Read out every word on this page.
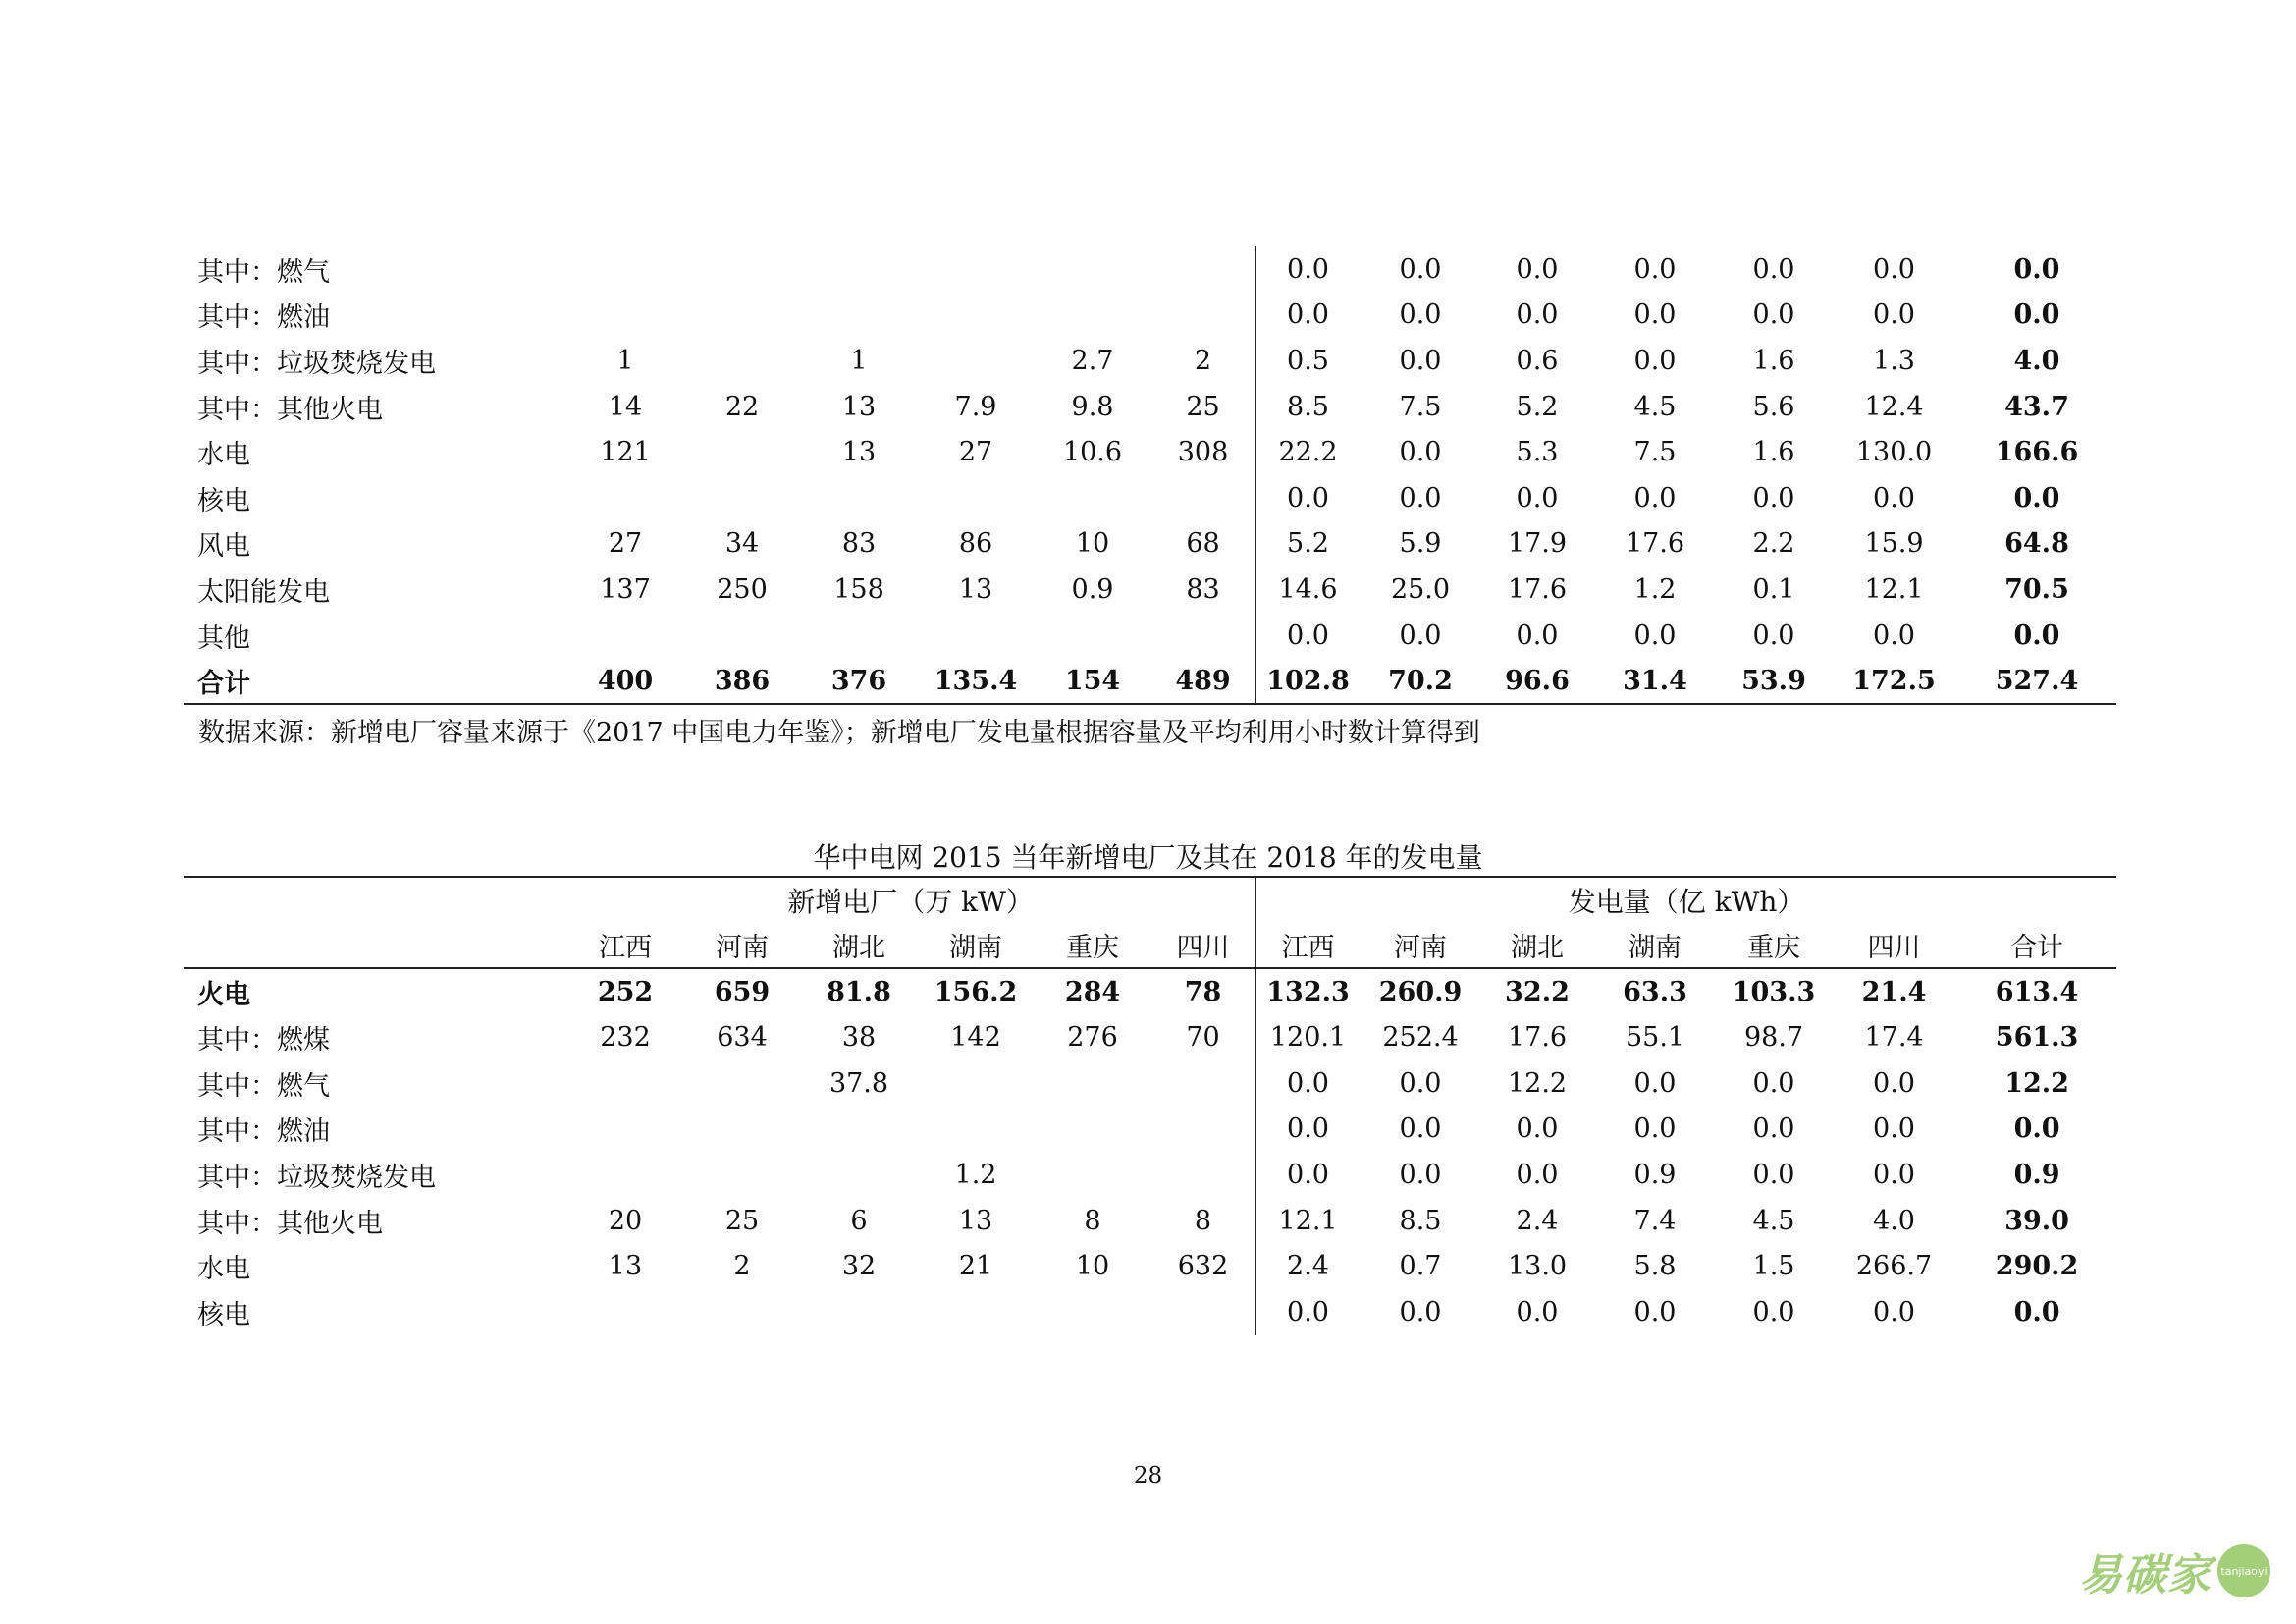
其中：燃气							0.0	0.0	0.0	0.0	0.0	0.0	0.0
其中：燃油							0.0	0.0	0.0	0.0	0.0	0.0	0.0
其中：垃圾焚烧发电	1		1		2.7	2	0.5	0.0	0.6	0.0	1.6	1.3	4.0
其中：其他火电	14	22	13	7.9	9.8	25	8.5	7.5	5.2	4.5	5.6	12.4	43.7
水电	121		13	27	10.6	308	22.2	0.0	5.3	7.5	1.6	130.0	166.6
核电							0.0	0.0	0.0	0.0	0.0	0.0	0.0
风电	27	34	83	86	10	68	5.2	5.9	17.9	17.6	2.2	15.9	64.8
太阳能发电	137	250	158	13	0.9	83	14.6	25.0	17.6	1.2	0.1	12.1	70.5
其他							0.0	0.0	0.0	0.0	0.0	0.0	0.0
合计	400	386	376	135.4	154	489	102.8	70.2	96.6	31.4	53.9	172.5	527.4
数据来源：新增电厂容量来源于《2017 中国电力年鉴》；新增电厂发电量根据容量及平均利用小时数计算得到
华中电网 2015 当年新增电厂及其在 2018 年的发电量
	新增电厂（万 kW）						发电量（亿 kWh）						
	江西	河南	湖北	湖南	重庆	四川	江西	河南	湖北	湖南	重庆	四川	合计
火电	252	659	81.8	156.2	284	78	132.3	260.9	32.2	63.3	103.3	21.4	613.4
其中：燃煤	232	634	38	142	276	70	120.1	252.4	17.6	55.1	98.7	17.4	561.3
其中：燃气			37.8				0.0	0.0	12.2	0.0	0.0	0.0	12.2
其中：燃油							0.0	0.0	0.0	0.0	0.0	0.0	0.0
其中：垃圾焚烧发电				1.2			0.0	0.0	0.0	0.9	0.0	0.0	0.9
其中：其他火电	20	25	6	13	8	8	12.1	8.5	2.4	7.4	4.5	4.0	39.0
水电	13	2	32	21	10	632	2.4	0.7	13.0	5.8	1.5	266.7	290.2
核电							0.0	0.0	0.0	0.0	0.0	0.0	0.0
28
易碳家 tanjiaoyi
